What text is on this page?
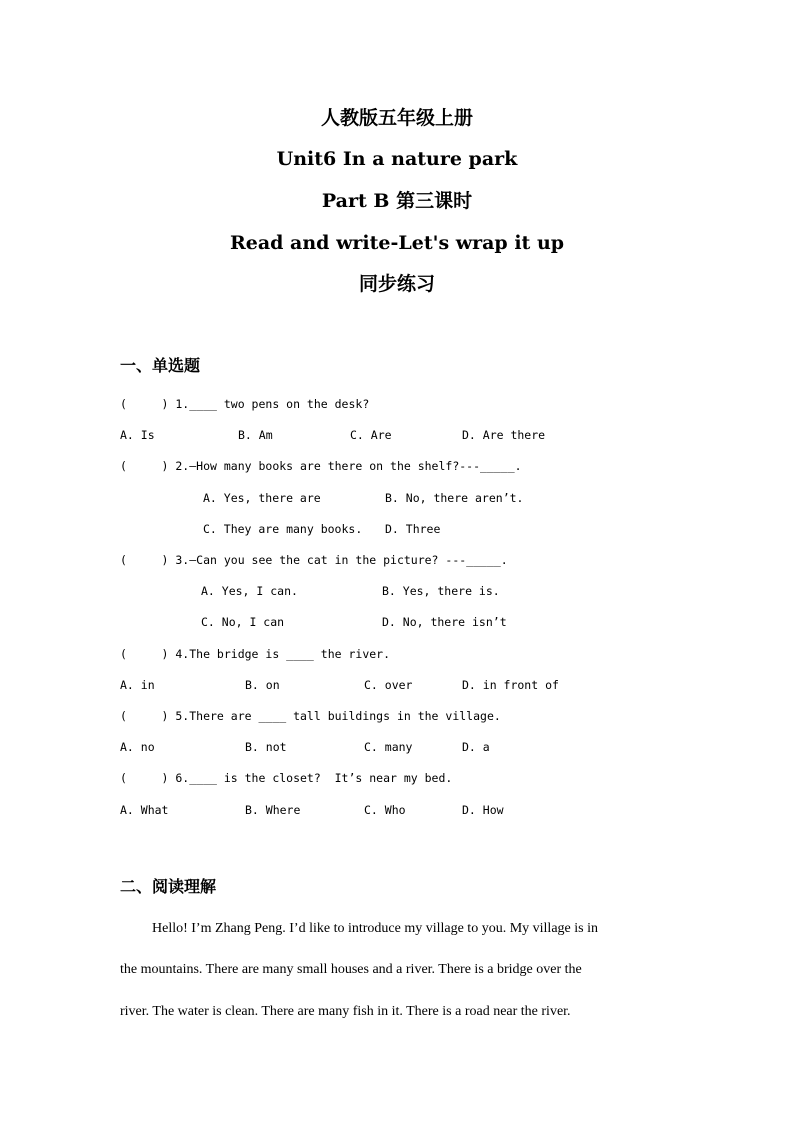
人教版五年级上册
Unit6 In a nature park
Part B 第三课时
Read and write-Let's wrap it up
同步练习
一、单选题
(     ) 1.____ two pens on the desk?
A. Is	B. Am	C. Are	D. Are there
(     ) 2.—How many books are there on the shelf?---_____.
A. Yes, there are	B. No, there aren’t.
C. They are many books. D. Three
(     ) 3.—Can you see the cat in the picture? ---_____.
A. Yes, I can.	B. Yes, there is.
C. No, I can	D. No, there isn’t
(     ) 4.The bridge is ____ the river.
A. in	B. on	C. over	D. in front of
(     ) 5.There are ____ tall buildings in the village.
A. no	B. not	C. many	D. a
(     ) 6.____ is the closet?  It’s near my bed.
A. What	B. Where	C. Who	D. How
二、阅读理解
Hello! I’m Zhang Peng. I’d like to introduce my village to you. My village is in
the mountains. There are many small houses and a river. There is a bridge over the
river. The water is clean. There are many fish in it. There is a road near the river.
